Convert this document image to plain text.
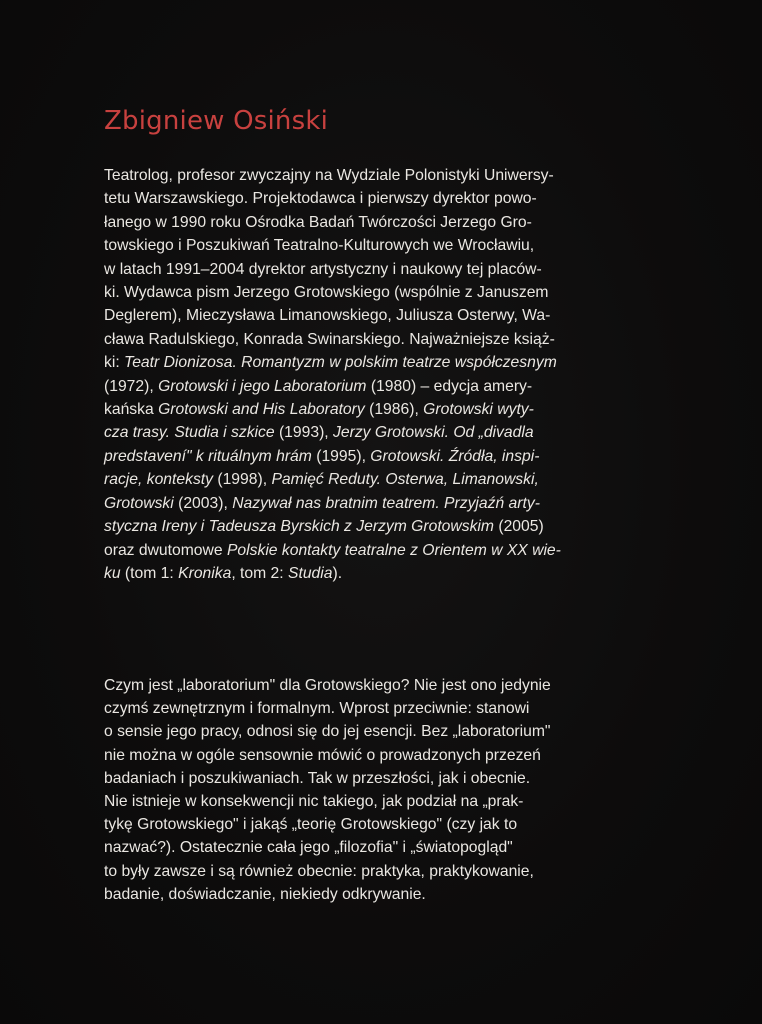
Zbigniew Osiński

Teatrolog, profesor zwyczajny na Wydziale Polonistyki Uniwersy-
tetu Warszawskiego. Projektodawca i pierwszy dyrektor powo-
łanego w 1990 roku Ośrodka Badań Twórczości Jerzego Gro-
towskiego i Poszukiwań Teatralno-Kulturowych we Wrocławiu,
w latach 1991–2004 dyrektor artystyczny i naukowy tej placów-
ki. Wydawca pism Jerzego Grotowskiego (wspólnie z Januszem
Deglerem), Mieczysława Limanowskiego, Juliusza Osterwy, Wa-
cława Radulskiego, Konrada Swinarskiego. Najważniejsze książ-
ki: Teatr Dionizosa. Romantyzm w polskim teatrze współczesnym
(1972), Grotowski i jego Laboratorium (1980) – edycja amery-
kańska Grotowski and His Laboratory (1986), Grotowski wyty-
cza trasy. Studia i szkice (1993), Jerzy Grotowski. Od „divadla
predstavení" k rituálnym hrám (1995), Grotowski. Źródła, inspi-
racje, konteksty (1998), Pamięć Reduty. Osterwa, Limanowski,
Grotowski (2003), Nazywał nas bratnim teatrem. Przyjaźń arty-
styczna Ireny i Tadeusza Byrskich z Jerzym Grotowskim (2005)
oraz dwutomowe Polskie kontakty teatralne z Orientem w XX wie-
ku (tom 1: Kronika, tom 2: Studia).

Czym jest „laboratorium" dla Grotowskiego? Nie jest ono jedynie
czymś zewnętrznym i formalnym. Wprost przeciwnie: stanowi
o sensie jego pracy, odnosi się do jej esencji. Bez „laboratorium"
nie można w ogóle sensownie mówić o prowadzonych przezeń
badaniach i poszukiwaniach. Tak w przeszłości, jak i obecnie.
Nie istnieje w konsekwencji nic takiego, jak podział na „prak-
tykę Grotowskiego" i jakąś „teorię Grotowskiego" (czy jak to
nazwać?). Ostatecznie cała jego „filozofia" i „światopogląd"
to były zawsze i są również obecnie: praktyka, praktykowanie,
badanie, doświadczanie, niekiedy odkrywanie.
